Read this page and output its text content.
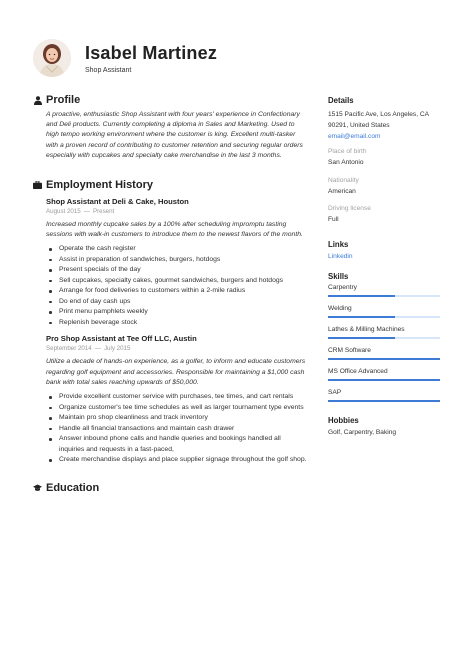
Isabel Martinez
Shop Assistant
Profile
A proactive, enthusiastic Shop Assistant with four years' experience in Confectionary and Deli products. Currently completing a diploma in Sales and Marketing. Used to high tempo working environment where the customer is king. Excellent multi-tasker with a proven record of contributing to customer retention and securing regular orders especially with cupcakes and specialty cake merchandise in the last 3 months.
Employment History
Shop Assistant at Deli & Cake, Houston
August 2015 — Present
Increased monthly cupcake sales by a 100% after scheduling impromptu tasting sessions with walk-in customers to introduce them to the newest flavors of the month.
Operate the cash register
Assist in preparation of sandwiches, burgers, hotdogs
Present specials of the day
Sell cupcakes, specialty cakes, gourmet sandwiches, burgers and hotdogs
Arrange for food deliveries to customers within a 2-mile radius
Do end of day cash ups
Print menu pamphlets weekly
Replenish beverage stock
Pro Shop Assistant at Tee Off LLC, Austin
September 2014 — July 2015
Utilize a decade of hands-on experience, as a golfer, to inform and educate customers regarding golf equipment and accessories. Responsible for maintaining a $1,000 cash bank with total sales reaching upwards of $50,000.
Provide excellent customer service with purchases, tee times, and cart rentals
Organize customer's tee time schedules as well as larger tournament type events
Maintain pro shop cleanliness and track inventory
Handle all financial transactions and maintain cash drawer
Answer inbound phone calls and handle queries and bookings handled all inquiries and requests in a fast-paced,
Create merchandise displays and place supplier signage throughout the golf shop.
Education
Details
1515 Pacific Ave, Los Angeles, CA
90291, United States
email@email.com
Place of birth
San Antonio
Nationality
American
Driving license
Full
Links
Linkedin
Skills
Carpentry
Welding
Lathes & Milling Machines
CRM Software
MS Office Advanced
SAP
Hobbies
Golf, Carpentry, Baking
